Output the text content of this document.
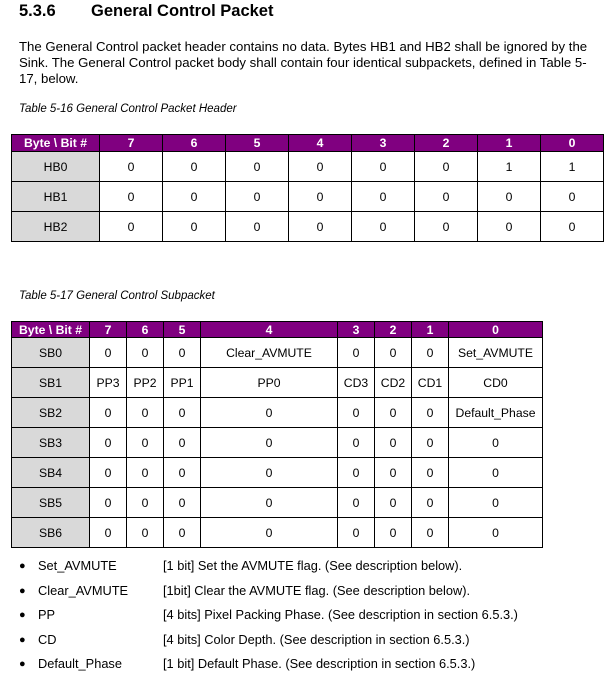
5.3.6 General Control Packet

The General Control packet header contains no data. Bytes HB1 and HB2 shall be ignored by the Sink. The General Control packet body shall contain four identical subpackets, defined in Table 5-17, below.

Table 5-16 General Control Packet Header
Byte \ Bit #	7	6	5	4	3	2	1	0
HB0	0	0	0	0	0	0	1	1
HB1	0	0	0	0	0	0	0	0
HB2	0	0	0	0	0	0	0	0
Table 5-17 General Control Subpacket
Byte \ Bit #	7	6	5	4	3	2	1	0
SB0	0	0	0	Clear_AVMUTE	0	0	0	Set_AVMUTE
SB1	PP3	PP2	PP1	PP0	CD3	CD2	CD1	CD0
SB2	0	0	0	0	0	0	0	Default_Phase
SB3	0	0	0	0	0	0	0	0
SB4	0	0	0	0	0	0	0	0
SB5	0	0	0	0	0	0	0	0
SB6	0	0	0	0	0	0	0	0
● Set_AVMUTE	[1 bit] Set the AVMUTE flag. (See description below).
● Clear_AVMUTE	[1bit] Clear the AVMUTE flag. (See description below).
● PP	[4 bits] Pixel Packing Phase. (See description in section 6.5.3.)
● CD	[4 bits] Color Depth. (See description in section 6.5.3.)
● Default_Phase	[1 bit] Default Phase. (See description in section 6.5.3.)
